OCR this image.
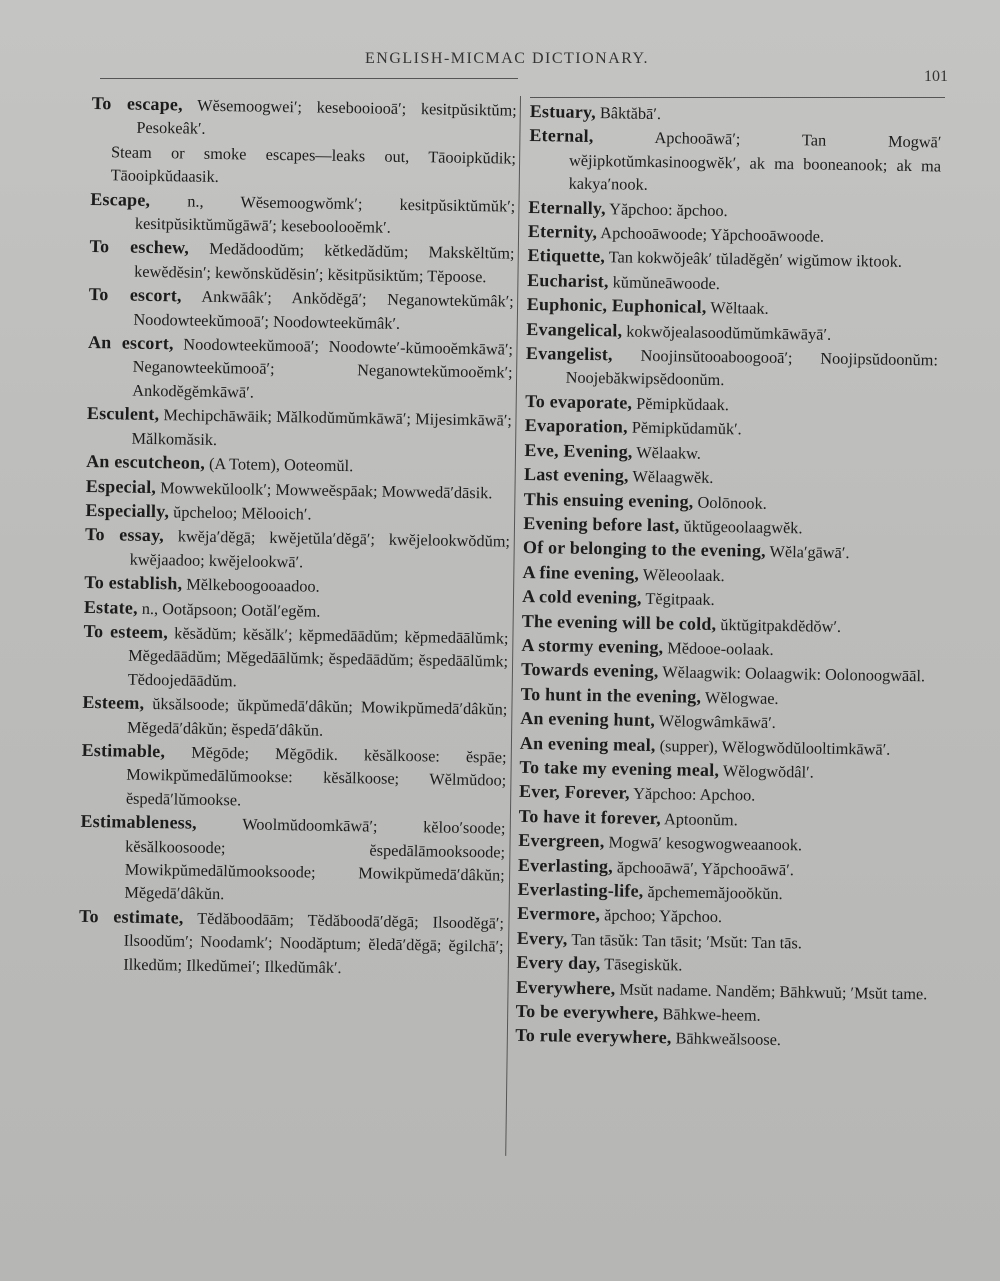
ENGLISH-MICMAC DICTIONARY.
101
To escape, Wĕsemoogwei′; kesebooiooā′; kesitpŭsiktŭm; Pesokeâk′.
Steam or smoke escapes—leaks out, Tāooipkŭdik; Tāooipkŭdaasik.
Escape, n., Wĕsemoogwŏmk′; kesitpŭsiktŭmŭk′; kesitpŭsiktŭmŭgāwā′; keseboolooĕmk′.
To eschew, Medădoodŭm; kĕtkedădŭm; Makskĕltŭm; kewĕdĕsin′; kewŏnskŭdĕsin′; kĕsitpŭsiktŭm; Tĕpoose.
To escort, Ankwāâk′; Ankŏdĕgā′; Neganowtekŭmâk′; Noodowteekŭmooā′; Noodowteekŭmâk′.
An escort, Noodowteekŭmooā′; Noodowte′-kŭmooĕmkāwā′; Neganowteekŭmooā′; Neganowtekŭmooĕmk′; Ankodĕgĕmkāwā′.
Esculent, Mechipchāwāik; Mălkodŭmŭmkāwā′; Mijesimkāwā′; Mălkomăsik.
An escutcheon, (A Totem), Ooteomŭl.
Especial, Mowwekŭloolk′; Mowweĕspāak; Mowwedā′dāsik.
Especially, ŭpcheloo; Mĕlooich′.
To essay, kwĕja′dĕgā; kwĕjetŭla′dĕgā′; kwĕjelookwŏdŭm; kwĕjaadoo; kwĕjelookwā′.
To establish, Mĕlkeboogooaadoo.
Estate, n., Ootăpsoon; Ootăl′egĕm.
To esteem, kĕsădŭm; kĕsălk′; kĕpmedāādŭm; kĕpmedāālŭmk; Mĕgedāādŭm; Mĕgedāālŭmk; ĕspedāādŭm; ĕspedāālŭmk; Tĕdoojedāādŭm.
Esteem, ŭksălsoode; ŭkpŭmedā′dâkŭn; Mowikpŭmedā′dâkŭn; Mĕgedā′dâkŭn; ĕspedā′dâkŭn.
Estimable, Mĕgōde; Mĕgōdik. kĕsălkoose: ĕspāe; Mowikpŭmedālŭmookse: kĕsălkoose; Wĕlmŭdoo; ĕspedā′lŭmookse.
Estimableness,	Woolmŭdoomkāwā′; kĕloo′soode; kĕsălkoosoode; ĕspedālāmooksoode; Mowikpŭmedālŭmooksoode; Mowikpŭmedā′dâkŭn; Mĕgedā′dâkŭn.
To estimate, Tĕdăboodāām; Tĕdăboodā′dĕgā; Ilsoodĕgā′; Ilsoodŭm′; Noodamk′; Noodăptum; ĕledā′dĕgā; ĕgilchā′; Ilkedŭm; Ilkedŭmei′; Ilkedŭmâk′.
Estuary, Bâktăbā′.
Eternal,	Apchooāwā′; Tan Mogwā′ wĕjipkotŭmkasinoogwĕk′, ak ma booneanook; ak ma kakya′nook.
Eternally, Yăpchoo: ăpchoo.
Eternity, Apchooāwoode; Yăpchooāwoode.
Etiquette, Tan kokwŏjeâk′ tŭladĕgĕn′ wigŭmow iktook.
Eucharist, kŭmŭneāwoode.
Euphonic, Euphonical, Wĕltaak.
Evangelical, kokwŏjealasoodŭmŭmkāwāyā′.
Evangelist, Noojinsŭtooaboogooā′; Noojipsŭdoonŭm: Noojebăkwipsĕdoonŭm.
To evaporate, Pĕmipkŭdaak.
Evaporation, Pĕmipkŭdamŭk′.
Eve, Evening, Wĕlaakw.
Last evening, Wĕlaagwĕk.
This ensuing evening, Oolōnook.
Evening before last, ŭktŭgeoolaagwĕk.
Of or belonging to the evening, Wĕla′gāwā′.
A fine evening, Wĕleoolaak.
A cold evening, Tĕgitpaak.
The evening will be cold, ŭktŭgitpakdĕdŏw′.
A stormy evening, Mĕdooe-oolaak.
Towards evening, Wĕlaagwik: Oolaagwik: Oolonoogwāāl.
To hunt in the evening, Wĕlogwae.
An evening hunt, Wĕlogwâmkāwā′.
An evening meal, (supper), Wĕlogwŏdŭlooltimkāwā′.
To take my evening meal, Wĕlogwŏdâl′.
Ever, Forever, Yăpchoo: Apchoo.
To have it forever, Aptoonŭm.
Evergreen, Mogwā′ kesogwogweaanook.
Everlasting, ăpchooāwā′, Yăpchooāwā′.
Everlasting-life, ăpchememăjooŏkŭn.
Evermore, ăpchoo; Yăpchoo.
Every, Tan tāsŭk: Tan tāsit; ′Msŭt: Tan tās.
Every day, Tāsegiskŭk.
Everywhere, Msŭt nadame. Nandĕm; Bāhkwuŭ; ′Msŭt tame.
To be everywhere, Bāhkwe-heem.
To rule everywhere, Bāhkweălsoose.
